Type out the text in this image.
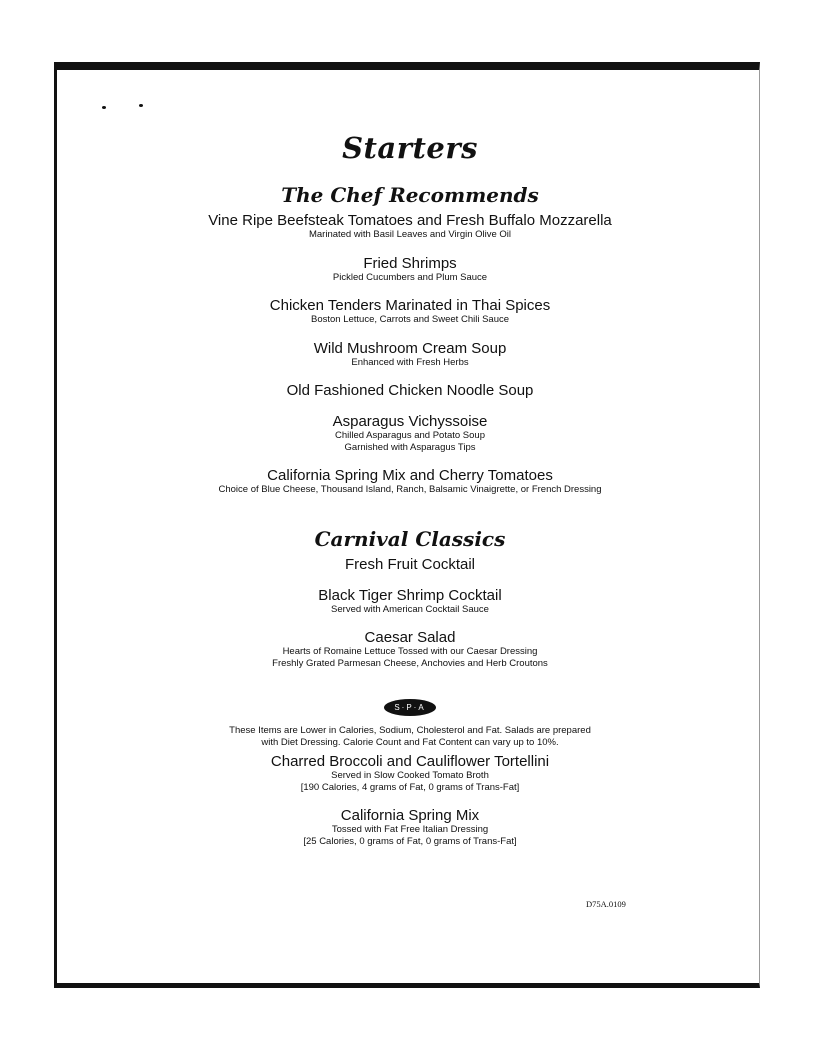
Starters
The Chef Recommends
Vine Ripe Beefsteak Tomatoes and Fresh Buffalo Mozzarella
Marinated with Basil Leaves and Virgin Olive Oil
Fried Shrimps
Pickled Cucumbers and Plum Sauce
Chicken Tenders Marinated in Thai Spices
Boston Lettuce, Carrots and Sweet Chili Sauce
Wild Mushroom Cream Soup
Enhanced with Fresh Herbs
Old Fashioned Chicken Noodle Soup
Asparagus Vichyssoise
Chilled Asparagus and Potato Soup
Garnished with Asparagus Tips
California Spring Mix and Cherry Tomatoes
Choice of Blue Cheese, Thousand Island, Ranch, Balsamic Vinaigrette, or French Dressing
Carnival Classics
Fresh Fruit Cocktail
Black Tiger Shrimp Cocktail
Served with American Cocktail Sauce
Caesar Salad
Hearts of Romaine Lettuce Tossed with our Caesar Dressing
Freshly Grated Parmesan Cheese, Anchovies and Herb Croutons
S·P·A
These Items are Lower in Calories, Sodium, Cholesterol and Fat. Salads are prepared with Diet Dressing. Calorie Count and Fat Content can vary up to 10%.
Charred Broccoli and Cauliflower Tortellini
Served in Slow Cooked Tomato Broth
[190 Calories, 4 grams of Fat, 0 grams of Trans-Fat]
California Spring Mix
Tossed with Fat Free Italian Dressing
[25 Calories, 0 grams of Fat, 0 grams of Trans-Fat]
D75A.0109
